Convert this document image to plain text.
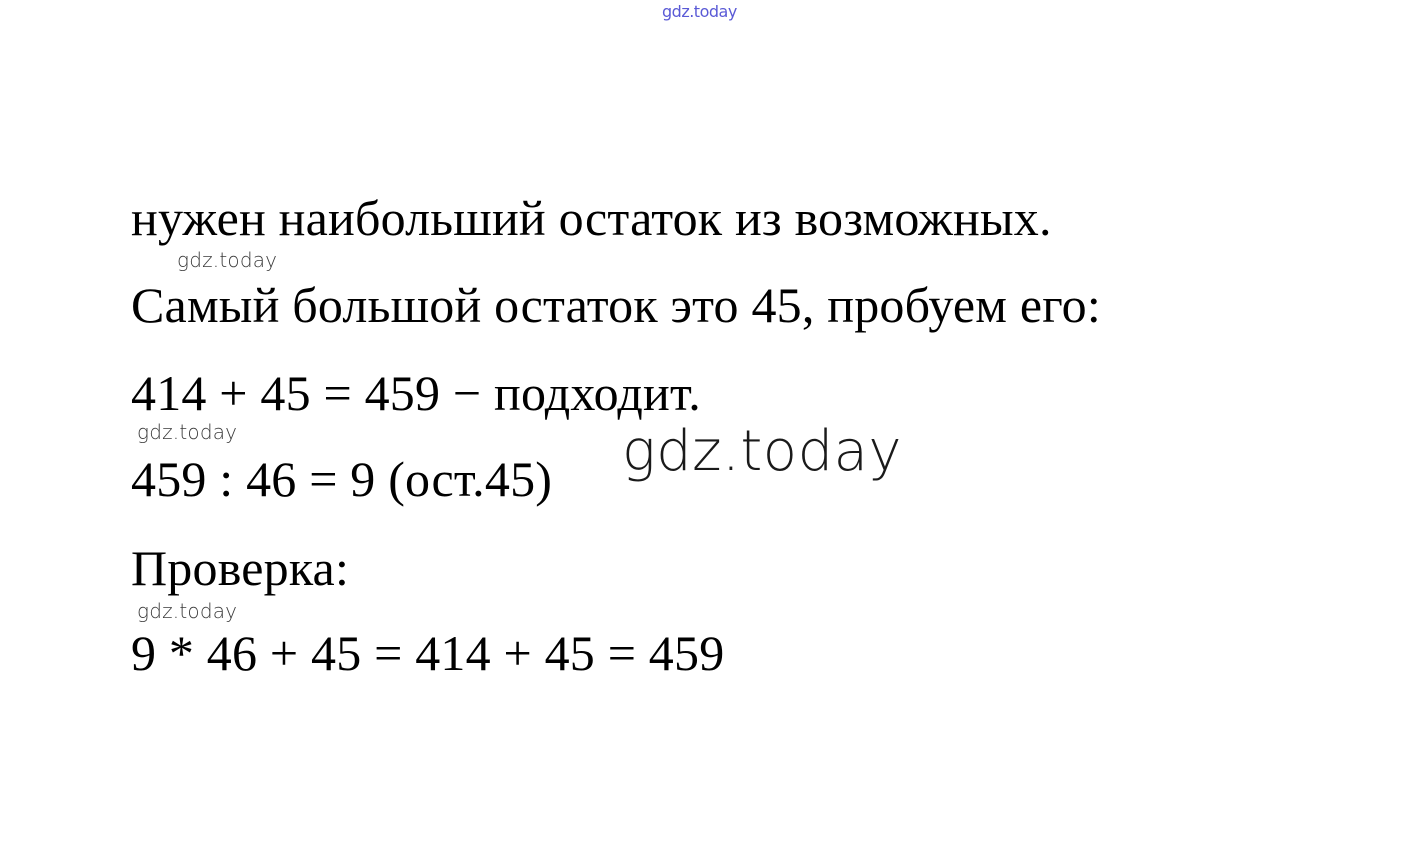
gdz.today
нужен наибольший остаток из возможных.
gdz.today
Самый большой остаток это 45, пробуем его:
414 + 45 = 459 − подходит.
gdz.today
459 : 46 = 9 (ост.45) gdz.today
Проверка:
gdz.today
9 * 46 + 45 = 414 + 45 = 459
